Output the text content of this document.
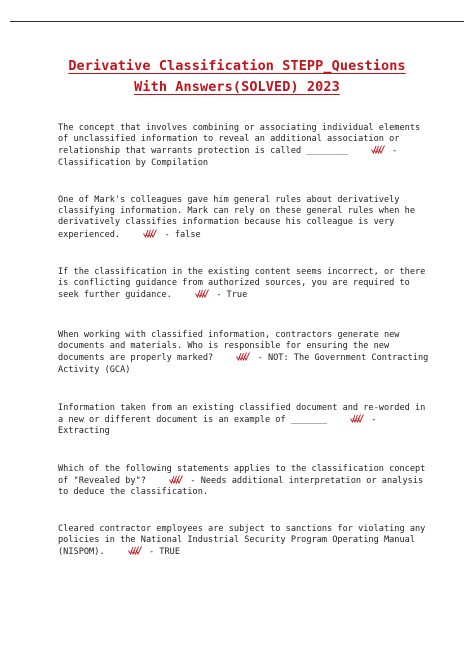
Derivative Classification STEPP_Questions
With Answers(SOLVED) 2023
The concept that involves combining or associating individual elements of unclassified information to reveal an additional association or relationship that warrants protection is called ________	- Classification by Compilation
One of Mark's colleagues gave him general rules about derivatively classifying information. Mark can rely on these general rules when he derivatively classifies information because his colleague is very experienced.	- false
If the classification in the existing content seems incorrect, or there is conflicting guidance from authorized sources, you are required to seek further guidance.	- True
When working with classified information, contractors generate new documents and materials. Who is responsible for ensuring the new documents are properly marked?	- NOT: The Government Contracting Activity (GCA)
Information taken from an existing classified document and re-worded in a new or different document is an example of _______	- Extracting
Which of the following statements applies to the classification concept of "Revealed by"?	- Needs additional interpretation or analysis to deduce the classification.
Cleared contractor employees are subject to sanctions for violating any policies in the National Industrial Security Program Operating Manual (NISPOM).	- TRUE
